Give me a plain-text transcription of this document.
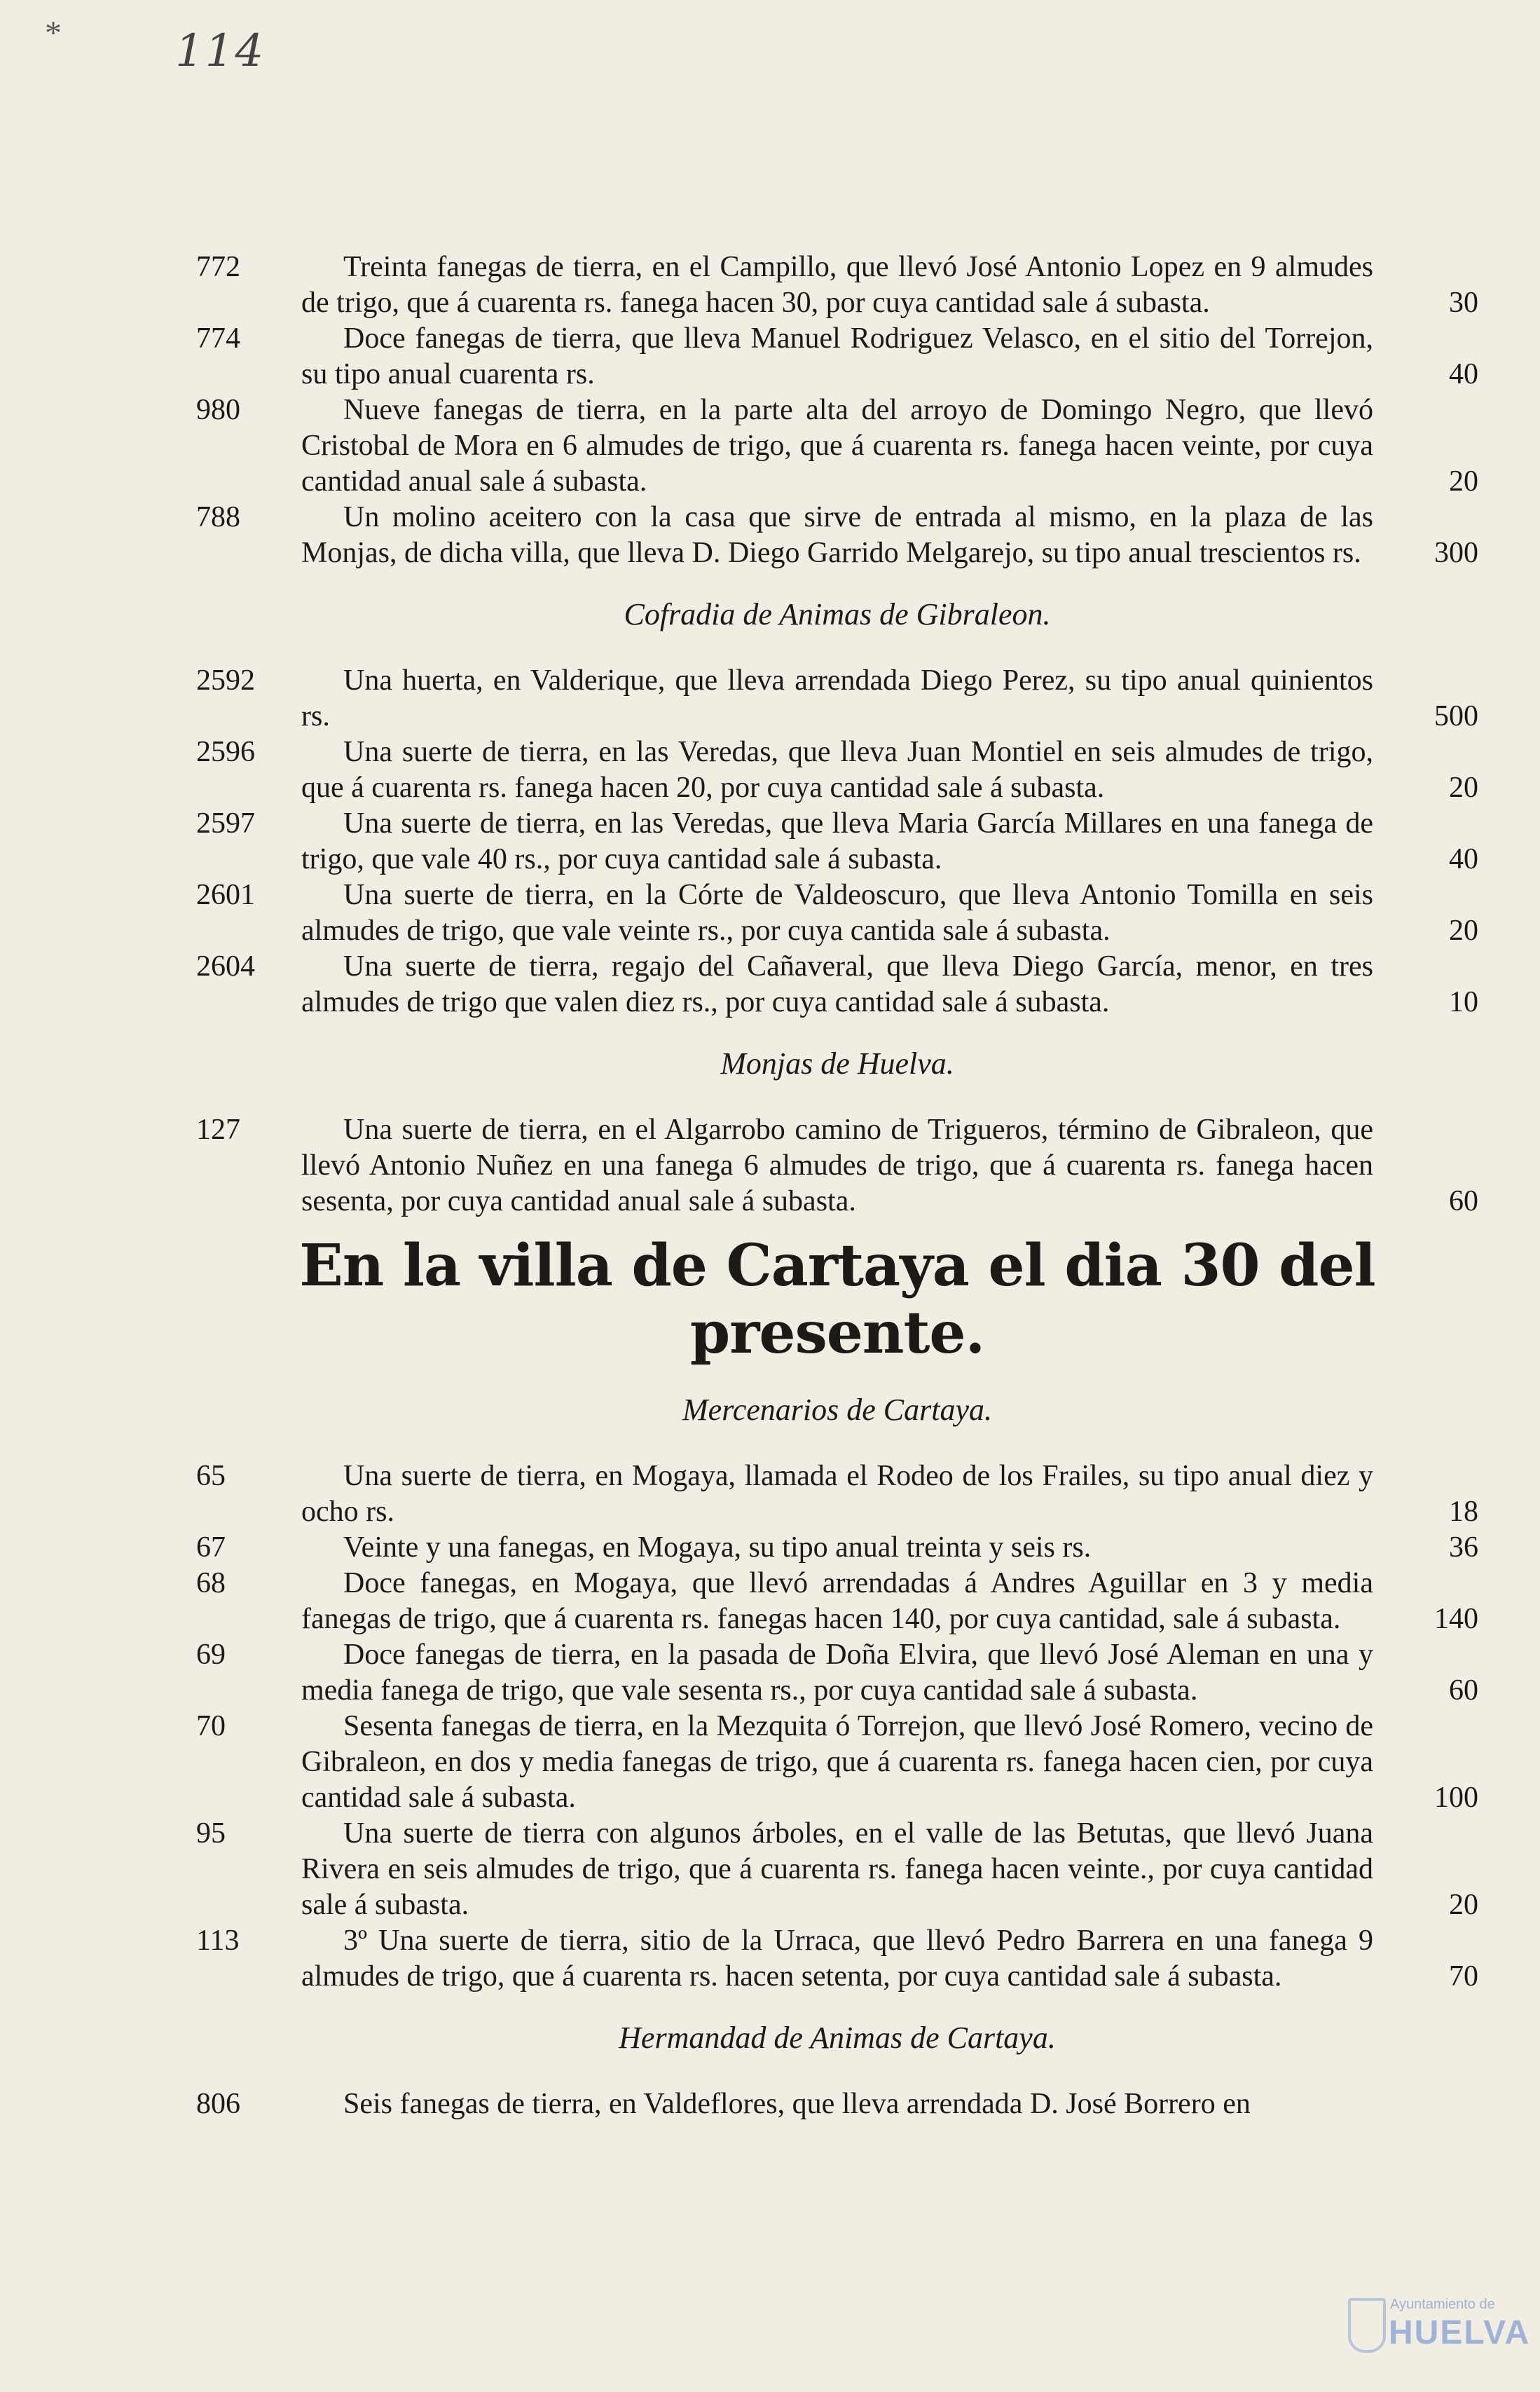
*	114
772	Treinta fanegas de tierra, en el Campillo, que llevó José Antonio Lopez en 9 almudes de trigo, que á cuarenta rs. fanega hacen 30, por cuya cantidad sale á subasta.	30
774	Doce fanegas de tierra, que lleva Manuel Rodriguez Velasco, en el sitio del Torrejon, su tipo anual cuarenta rs.	40
980	Nueve fanegas de tierra, en la parte alta del arroyo de Domingo Negro, que llevó Cristobal de Mora en 6 almudes de trigo, que á cuarenta rs. fanega hacen veinte, por cuya cantidad anual sale á subasta.	20
788	Un molino aceitero con la casa que sirve de entrada al mismo, en la plaza de las Monjas, de dicha villa, que lleva D. Diego Garrido Melgarejo, su tipo anual trescientos rs.	300
Cofradia de Animas de Gibraleon.
2592	Una huerta, en Valderique, que lleva arrendada Diego Perez, su tipo anual quinientos rs.	500
2596	Una suerte de tierra, en las Veredas, que lleva Juan Montiel en seis almudes de trigo, que á cuarenta rs. fanega hacen 20, por cuya cantidad sale á subasta.	20
2597	Una suerte de tierra, en las Veredas, que lleva Maria García Millares en una fanega de trigo, que vale 40 rs., por cuya cantidad sale á subasta.	40
2601	Una suerte de tierra, en la Córte de Valdeoscuro, que lleva Antonio Tomilla en seis almudes de trigo, que vale veinte rs., por cuya cantida sale á subasta.	20
2604	Una suerte de tierra, regajo del Cañaveral, que lleva Diego García, menor, en tres almudes de trigo que valen diez rs., por cuya cantidad sale á subasta.	10
Monjas de Huelva.
127	Una suerte de tierra, en el Algarrobo camino de Trigueros, término de Gibraleon, que llevó Antonio Nuñez en una fanega 6 almudes de trigo, que á cuarenta rs. fanega hacen sesenta, por cuya cantidad anual sale á subasta.	60
En la villa de Cartaya el dia 30 del presente.
Mercenarios de Cartaya.
65	Una suerte de tierra, en Mogaya, llamada el Rodeo de los Frailes, su tipo anual diez y ocho rs.	18
67	Veinte y una fanegas, en Mogaya, su tipo anual treinta y seis rs.	36
68	Doce fanegas, en Mogaya, que llevó arrendadas á Andres Aguillar en 3 y media fanegas de trigo, que á cuarenta rs. fanegas hacen 140, por cuya cantidad, sale á subasta.	140
69	Doce fanegas de tierra, en la pasada de Doña Elvira, que llevó José Aleman en una y media fanega de trigo, que vale sesenta rs., por cuya cantidad sale á subasta.	60
70	Sesenta fanegas de tierra, en la Mezquita ó Torrejon, que llevó José Romero, vecino de Gibraleon, en dos y media fanegas de trigo, que á cuarenta rs. fanega hacen cien, por cuya cantidad sale á subasta.	100
95	Una suerte de tierra con algunos árboles, en el valle de las Betutas, que llevó Juana Rivera en seis almudes de trigo, que á cuarenta rs. fanega hacen veinte., por cuya cantidad sale á subasta.	20
113	3º Una suerte de tierra, sitio de la Urraca, que llevó Pedro Barrera en una fanega 9 almudes de trigo, que á cuarenta rs. hacen setenta, por cuya cantidad sale á subasta.	70
Hermandad de Animas de Cartaya.
806	Seis fanegas de tierra, en Valdeflores, que lleva arrendada D. José Borrero en
Ayuntamiento de
HUELVA
